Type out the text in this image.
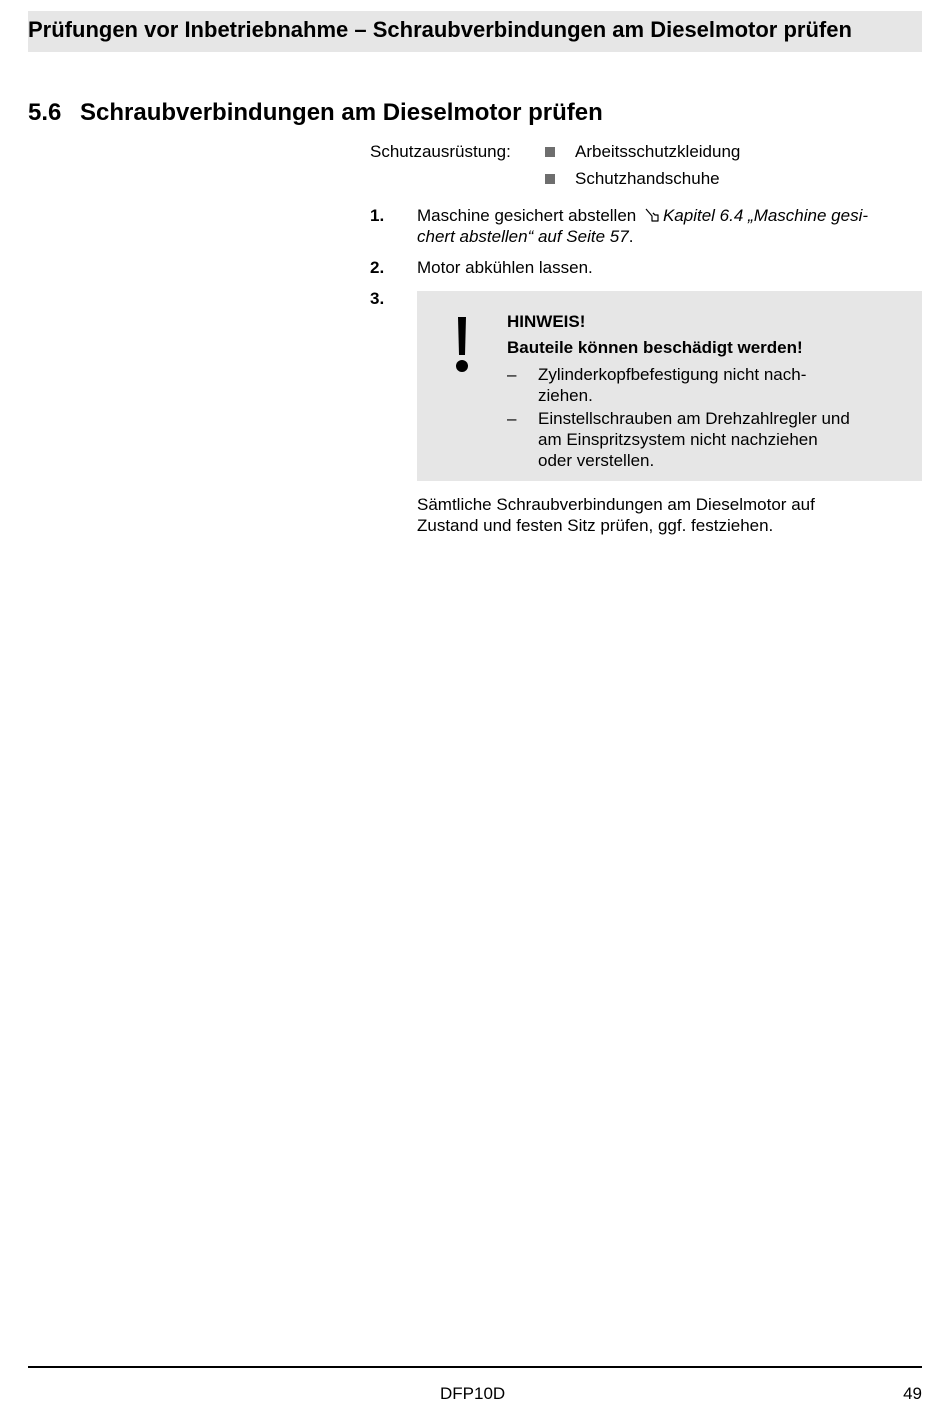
Prüfungen vor Inbetriebnahme – Schraubverbindungen am Dieselmotor prüfen
5.6 Schraubverbindungen am Dieselmotor prüfen
Schutzausrüstung:	Arbeitsschutzkleidung
Schutzhandschuhe
1. Maschine gesichert abstellen Kapitel 6.4 „Maschine gesi-
chert abstellen“ auf Seite 57.
2. Motor abkühlen lassen.
3.
HINWEIS!
Bauteile können beschädigt werden!
– Zylinderkopfbefestigung nicht nach-
ziehen.
– Einstellschrauben am Drehzahlregler und
am Einspritzsystem nicht nachziehen
oder verstellen.
Sämtliche Schraubverbindungen am Dieselmotor auf
Zustand und festen Sitz prüfen, ggf. festziehen.
DFP10D	49
